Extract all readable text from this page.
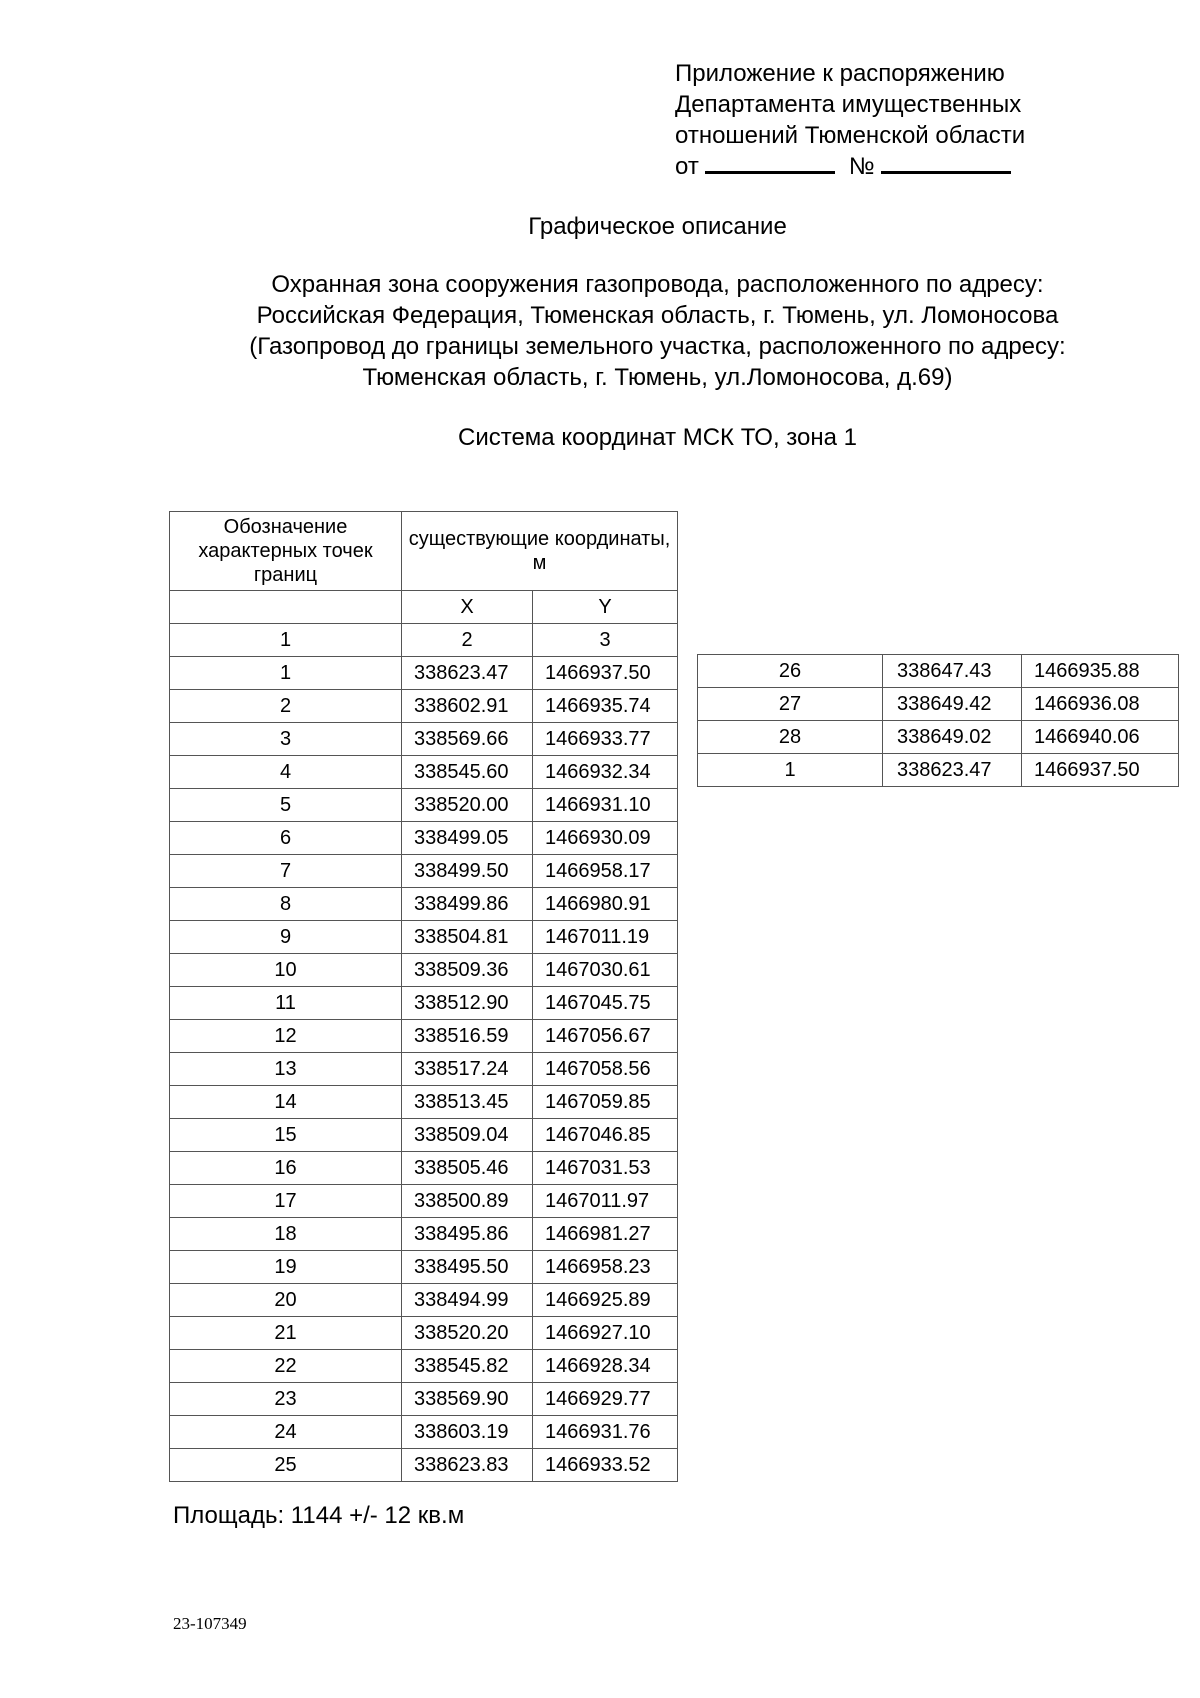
Приложение к распоряжению
Департамента имущественных
отношений Тюменской области
от	№
Графическое описание
Охранная зона сооружения газопровода, расположенного по адресу:
Российская Федерация, Тюменская область, г. Тюмень, ул. Ломоносова
(Газопровод до границы земельного участка, расположенного по адресу:
Тюменская область, г. Тюмень, ул.Ломоносова, д.69)
Система координат МСК ТО, зона 1
Обозначение характерных точек границ	существующие координаты, м	
	X	Y
1	2	3
1	338623.47	1466937.50
2	338602.91	1466935.74
3	338569.66	1466933.77
4	338545.60	1466932.34
5	338520.00	1466931.10
6	338499.05	1466930.09
7	338499.50	1466958.17
8	338499.86	1466980.91
9	338504.81	1467011.19
10	338509.36	1467030.61
11	338512.90	1467045.75
12	338516.59	1467056.67
13	338517.24	1467058.56
14	338513.45	1467059.85
15	338509.04	1467046.85
16	338505.46	1467031.53
17	338500.89	1467011.97
18	338495.86	1466981.27
19	338495.50	1466958.23
20	338494.99	1466925.89
21	338520.20	1466927.10
22	338545.82	1466928.34
23	338569.90	1466929.77
24	338603.19	1466931.76
25	338623.83	1466933.52
26	338647.43	1466935.88
27	338649.42	1466936.08
28	338649.02	1466940.06
1	338623.47	1466937.50
Площадь: 1144 +/- 12 кв.м
23-107349
